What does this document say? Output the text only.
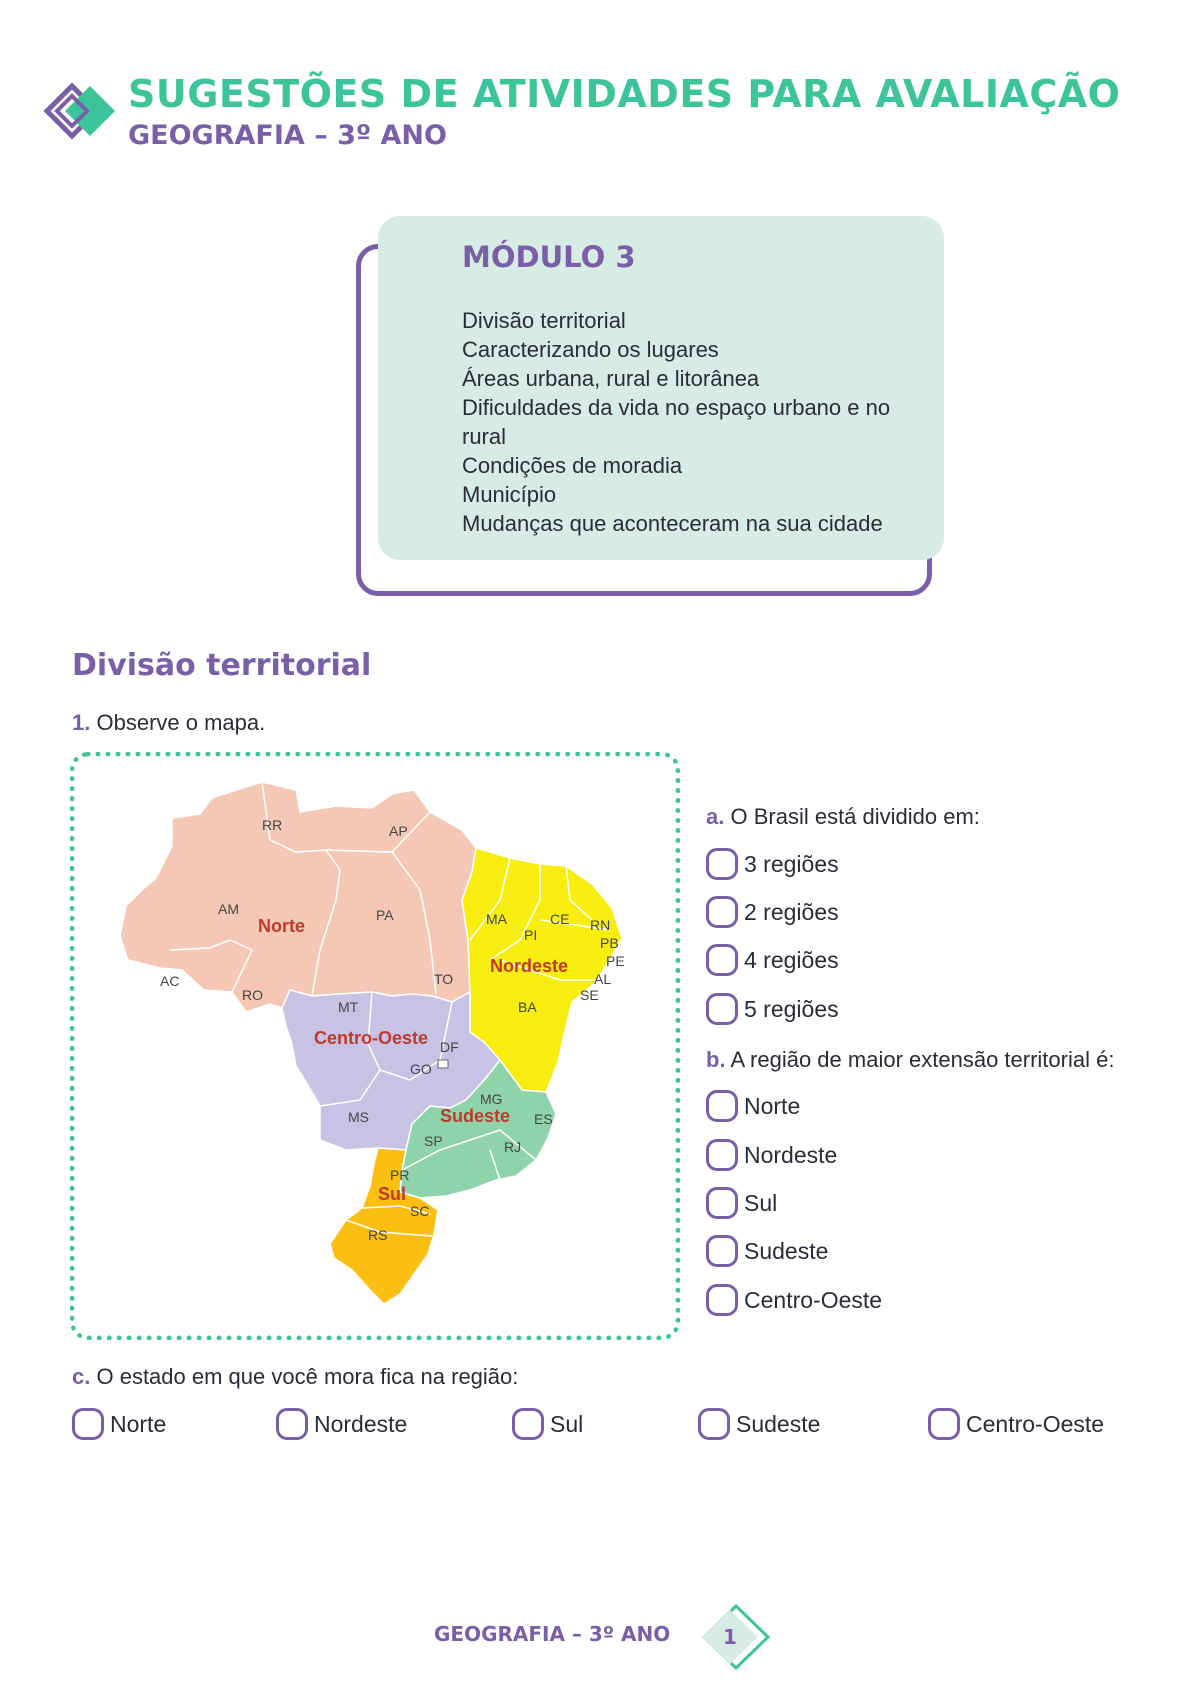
SUGESTÕES DE ATIVIDADES PARA AVALIAÇÃO
GEOGRAFIA – 3º ANO
MÓDULO 3
Divisão territorial
Caracterizando os lugares
Áreas urbana, rural e litorânea
Dificuldades da vida no espaço urbano e no rural
Condições de moradia
Município
Mudanças que aconteceram na sua cidade
Divisão territorial
1. Observe o mapa.
RR	AP
AM	PA
AC
RO
TO
MA	CE RN
PI	PB
PE
AL
SE
BA
MT
GO
DF
MS
MG
ES
SP	RJ
PR
SC
RS
Norte
Nordeste
Centro-Oeste
Sudeste
Sul
a. O Brasil está dividido em:
3 regiões
2 regiões
4 regiões
5 regiões
b. A região de maior extensão territorial é:
Norte
Nordeste
Sul
Sudeste
Centro-Oeste
c. O estado em que você mora fica na região:
Norte	Nordeste	Sul	Sudeste	Centro-Oeste
GEOGRAFIA – 3º ANO	1
